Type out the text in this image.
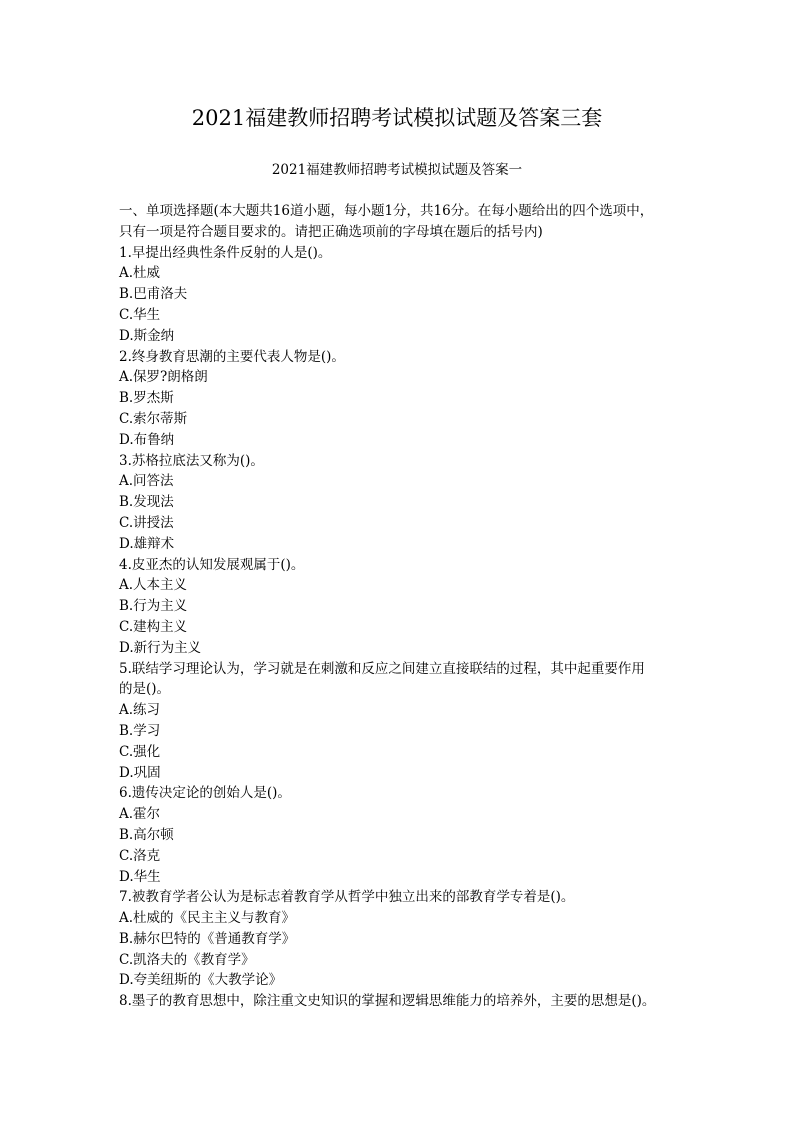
2021福建教师招聘考试模拟试题及答案三套
2021福建教师招聘考试模拟试题及答案一
一、单项选择题(本大题共16道小题，每小题1分，共16分。在每小题给出的四个选项中，
只有一项是符合题目要求的。请把正确选项前的字母填在题后的括号内)
1.早提出经典性条件反射的人是()。
A.杜威
B.巴甫洛夫
C.华生
D.斯金纳
2.终身教育思潮的主要代表人物是()。
A.保罗?朗格朗
B.罗杰斯
C.索尔蒂斯
D.布鲁纳
3.苏格拉底法又称为()。
A.问答法
B.发现法
C.讲授法
D.雄辩术
4.皮亚杰的认知发展观属于()。
A.人本主义
B.行为主义
C.建构主义
D.新行为主义
5.联结学习理论认为，学习就是在刺激和反应之间建立直接联结的过程，其中起重要作用
的是()。
A.练习
B.学习
C.强化
D.巩固
6.遗传决定论的创始人是()。
A.霍尔
B.高尔顿
C.洛克
D.华生
7.被教育学者公认为是标志着教育学从哲学中独立出来的部教育学专着是()。
A.杜威的《民主主义与教育》
B.赫尔巴特的《普通教育学》
C.凯洛夫的《教育学》
D.夸美纽斯的《大教学论》
8.墨子的教育思想中，除注重文史知识的掌握和逻辑思维能力的培养外，主要的思想是()。
